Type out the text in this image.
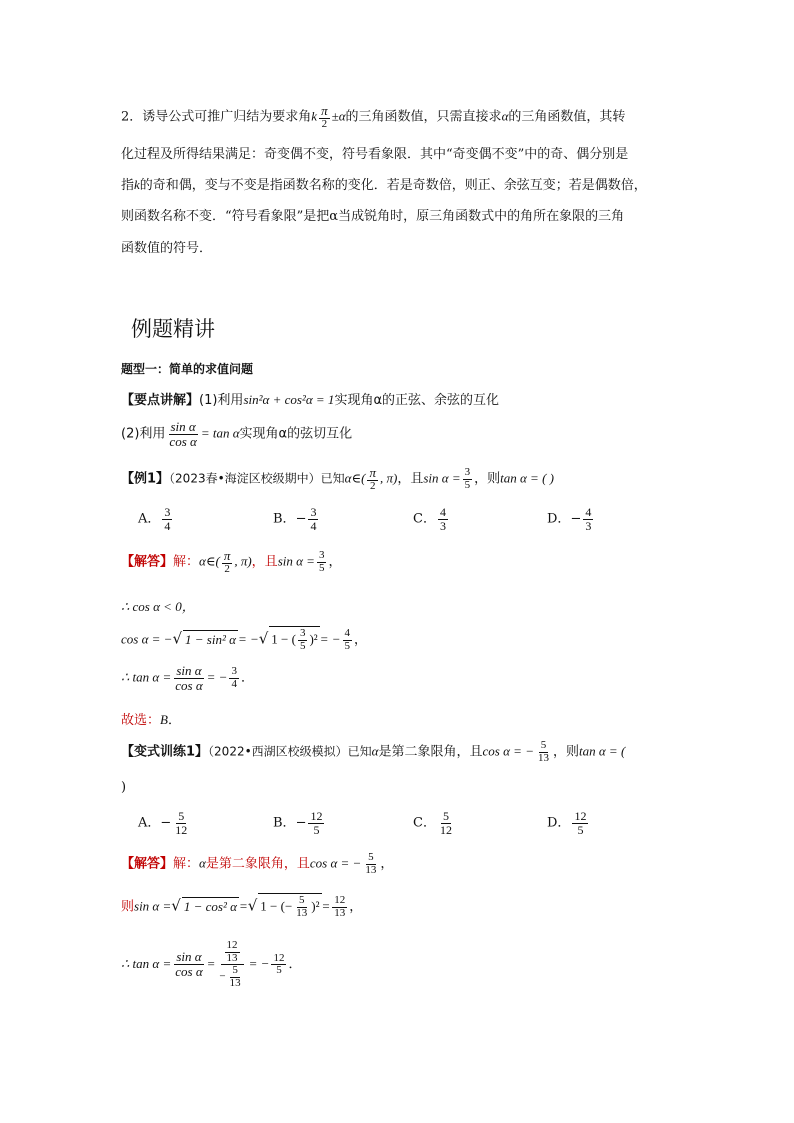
2．诱导公式可推广归结为要求角k $\frac{\pi}{2} \pm\alpha$的三角函数值，只需直接求α的三角函数值，其转
化过程及所得结果满足：奇变偶不变，符号看象限．其中“奇变偶不变”中的奇、偶分别是
指k的奇和偶，变与不变是指函数名称的变化．若是奇数倍，则正、余弦互变；若是偶数倍，
则函数名称不变．“符号看象限”是把α当成锐角时，原三角函数式中的角所在象限的三角
函数值的符号．
例题精讲
题型一：简单的求值问题
【要点讲解】(1)利用sin²α + cos²α = 1实现角α的正弦、余弦的互化
(2)利用 $\frac{\text{sin α}}{\text{cos α}} = \tan \alpha$实现角α的弦切互化
【例1】（2023春•海淀区校级期中）已知α∈( $\frac{\pi}{2}$ , π)，且$\sin \alpha = \frac{3}{5}$ ，则tan α = ( )
A． $\frac{3}{4}$	B．− $\frac{3}{4}$	C． $\frac{4}{3}$	D．− $\frac{4}{3}$
【解答】解：α∈( $\frac{\pi}{2}$ , π)，且$\sin \alpha = \frac{3}{5}$ ，
∴ cos α < 0，
cos α = −√ 1 − sin² α = −√ 1 − ( $\frac{3}{5} )^2$ = − $\frac{4}{5}$ ，
∴ $\tan \alpha = \frac{\text{sin α}}{\text{cos α}}$ = − $\frac{3}{4}$ ．
故选：B．
【变式训练1】（2022•西湖区校级模拟）已知α是第二象限角，且cos α = − $\frac{5}{13}$ ，则tan α = (
)
A．− $\frac{5}{12}$	B．− $\frac{12}{5}$	C． $\frac{5}{12}$	D． $\frac{12}{5}$
【解答】解：α是第二象限角，且cos α = − $\frac{5}{13}$ ，
则sin α =√ 1 − cos² α =√ 1 − (− $\frac{5}{13} )^2 = \frac{12}{13}$ ，
∴ $\tan \alpha = \frac{\text{sin α}}{\text{cos α}} = \frac{\frac{12}{13}}{- \frac{5}{13}}$ = − $\frac{12}{5}$ ．
